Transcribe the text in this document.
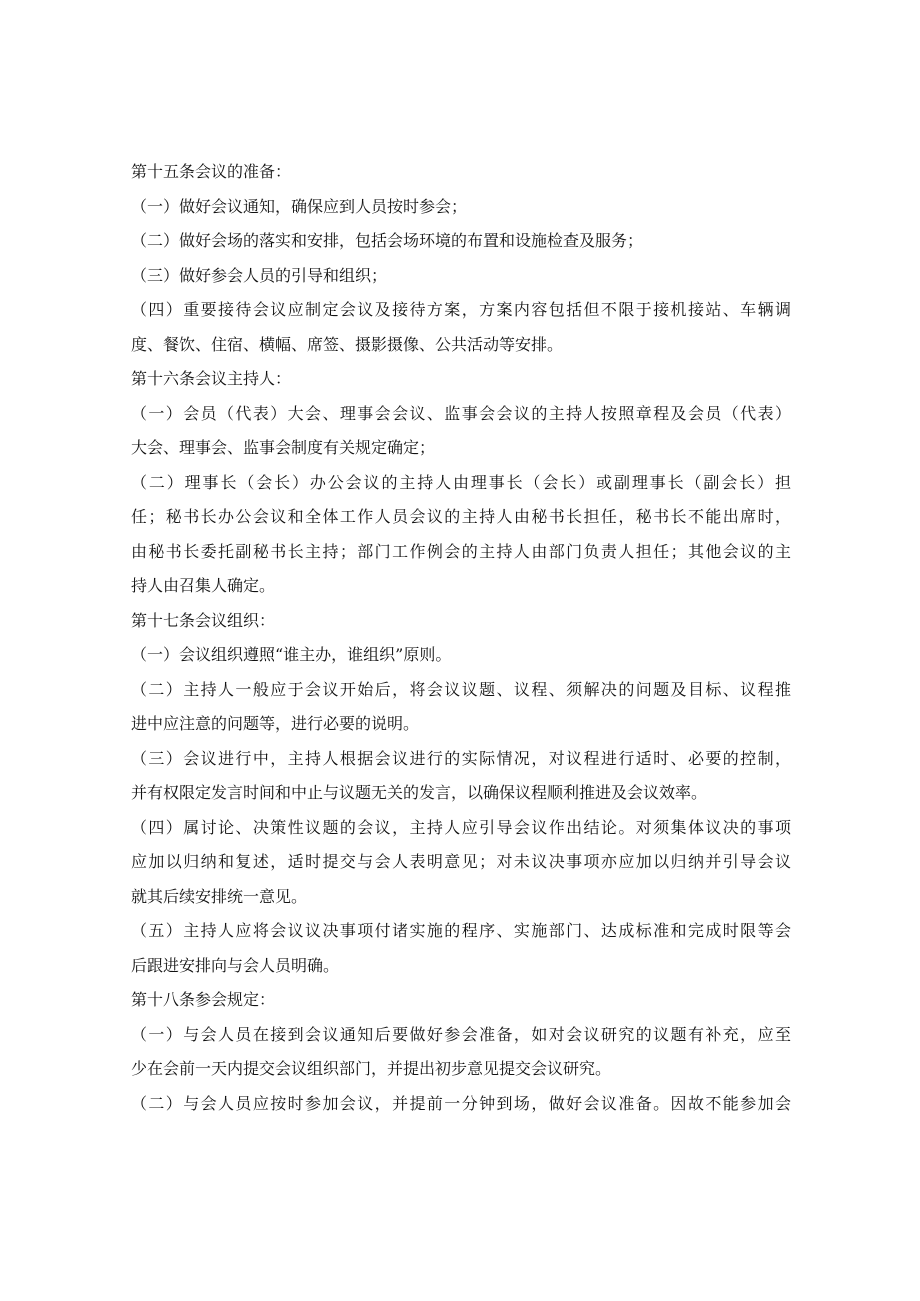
第十五条会议的准备：
（一）做好会议通知，确保应到人员按时参会；
（二）做好会场的落实和安排，包括会场环境的布置和设施检查及服务；
（三）做好参会人员的引导和组织；
（四）重要接待会议应制定会议及接待方案，方案内容包括但不限于接机接站、车辆调
度、餐饮、住宿、横幅、席签、摄影摄像、公共活动等安排。
第十六条会议主持人：
（一）会员（代表）大会、理事会会议、监事会会议的主持人按照章程及会员（代表）
大会、理事会、监事会制度有关规定确定；
（二）理事长（会长）办公会议的主持人由理事长（会长）或副理事长（副会长）担
任；秘书长办公会议和全体工作人员会议的主持人由秘书长担任，秘书长不能出席时，
由秘书长委托副秘书长主持；部门工作例会的主持人由部门负责人担任；其他会议的主
持人由召集人确定。
第十七条会议组织：
（一）会议组织遵照“谁主办，谁组织”原则。
（二）主持人一般应于会议开始后，将会议议题、议程、须解决的问题及目标、议程推
进中应注意的问题等，进行必要的说明。
（三）会议进行中，主持人根据会议进行的实际情况，对议程进行适时、必要的控制，
并有权限定发言时间和中止与议题无关的发言，以确保议程顺利推进及会议效率。
（四）属讨论、决策性议题的会议，主持人应引导会议作出结论。对须集体议决的事项
应加以归纳和复述，适时提交与会人表明意见；对未议决事项亦应加以归纳并引导会议
就其后续安排统一意见。
（五）主持人应将会议议决事项付诸实施的程序、实施部门、达成标准和完成时限等会
后跟进安排向与会人员明确。
第十八条参会规定：
（一）与会人员在接到会议通知后要做好参会准备，如对会议研究的议题有补充，应至
少在会前一天内提交会议组织部门，并提出初步意见提交会议研究。
（二）与会人员应按时参加会议，并提前一分钟到场，做好会议准备。因故不能参加会
